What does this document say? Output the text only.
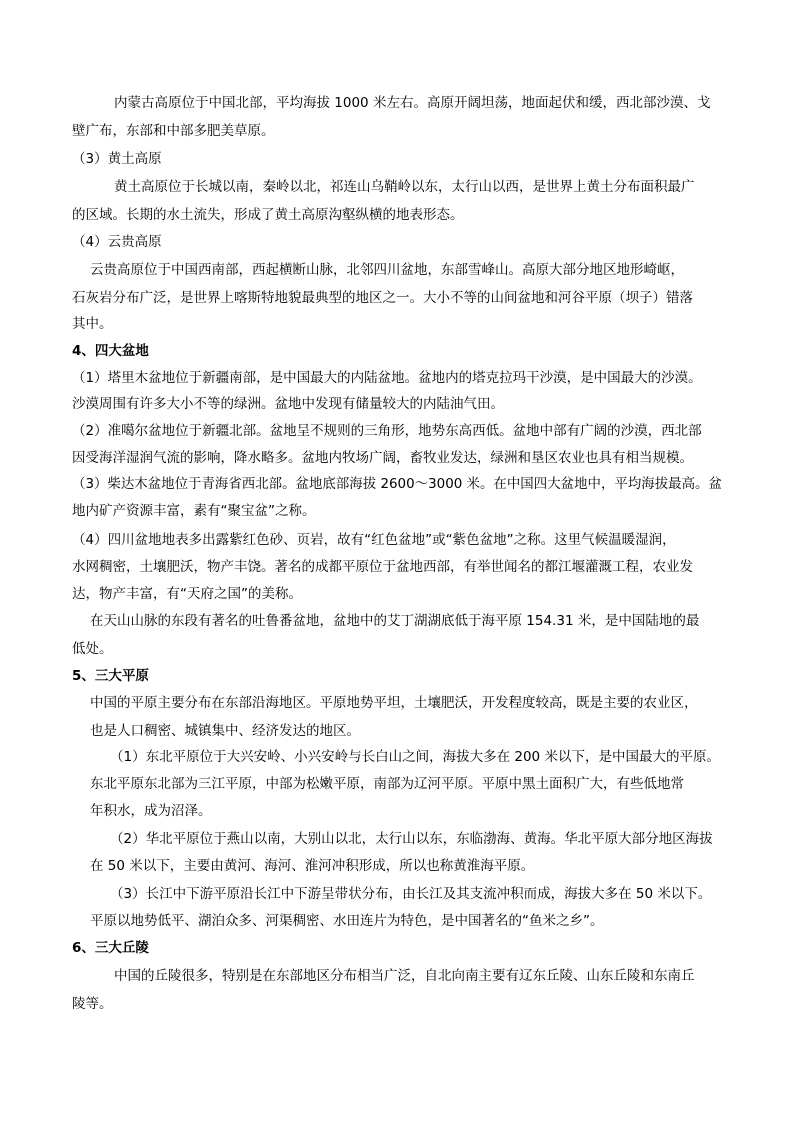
内蒙古高原位于中国北部，平均海拔 1000 米左右。高原开阔坦荡，地面起伏和缓，西北部沙漠、戈
壁广布，东部和中部多肥美草原。
（3）黄土高原
黄土高原位于长城以南，秦岭以北，祁连山乌鞘岭以东，太行山以西，是世界上黄土分布面积最广
的区域。长期的水土流失，形成了黄土高原沟壑纵横的地表形态。
（4）云贵高原
云贵高原位于中国西南部，西起横断山脉，北邻四川盆地，东部雪峰山。高原大部分地区地形崎岖，
石灰岩分布广泛，是世界上喀斯特地貌最典型的地区之一。大小不等的山间盆地和河谷平原（坝子）错落
其中。
4、四大盆地
（1）塔里木盆地位于新疆南部，是中国最大的内陆盆地。盆地内的塔克拉玛干沙漠，是中国最大的沙漠。
沙漠周围有许多大小不等的绿洲。盆地中发现有储量较大的内陆油气田。
（2）准噶尔盆地位于新疆北部。盆地呈不规则的三角形，地势东高西低。盆地中部有广阔的沙漠，西北部
因受海洋湿润气流的影响，降水略多。盆地内牧场广阔，畜牧业发达，绿洲和垦区农业也具有相当规模。
（3）柴达木盆地位于青海省西北部。盆地底部海拔 2600～3000 米。在中国四大盆地中，平均海拔最高。盆
地内矿产资源丰富，素有“聚宝盆”之称。
（4）四川盆地地表多出露紫红色砂、页岩，故有“红色盆地”或“紫色盆地”之称。这里气候温暖湿润，
水网稠密，土壤肥沃，物产丰饶。著名的成都平原位于盆地西部，有举世闻名的都江堰灌溉工程，农业发
达，物产丰富，有“天府之国”的美称。
在天山山脉的东段有著名的吐鲁番盆地，盆地中的艾丁湖湖底低于海平原 154.31 米，是中国陆地的最
低处。
5、三大平原
中国的平原主要分布在东部沿海地区。平原地势平坦，土壤肥沃，开发程度较高，既是主要的农业区，
也是人口稠密、城镇集中、经济发达的地区。
（1）东北平原位于大兴安岭、小兴安岭与长白山之间，海拔大多在 200 米以下，是中国最大的平原。
东北平原东北部为三江平原，中部为松嫩平原，南部为辽河平原。平原中黑土面积广大，有些低地常
年积水，成为沼泽。
（2）华北平原位于燕山以南，大别山以北，太行山以东，东临渤海、黄海。华北平原大部分地区海拔
在 50 米以下，主要由黄河、海河、淮河冲积形成，所以也称黄淮海平原。
（3）长江中下游平原沿长江中下游呈带状分布，由长江及其支流冲积而成，海拔大多在 50 米以下。
平原以地势低平、湖泊众多、河渠稠密、水田连片为特色，是中国著名的“鱼米之乡”。
6、三大丘陵
中国的丘陵很多，特别是在东部地区分布相当广泛，自北向南主要有辽东丘陵、山东丘陵和东南丘
陵等。
